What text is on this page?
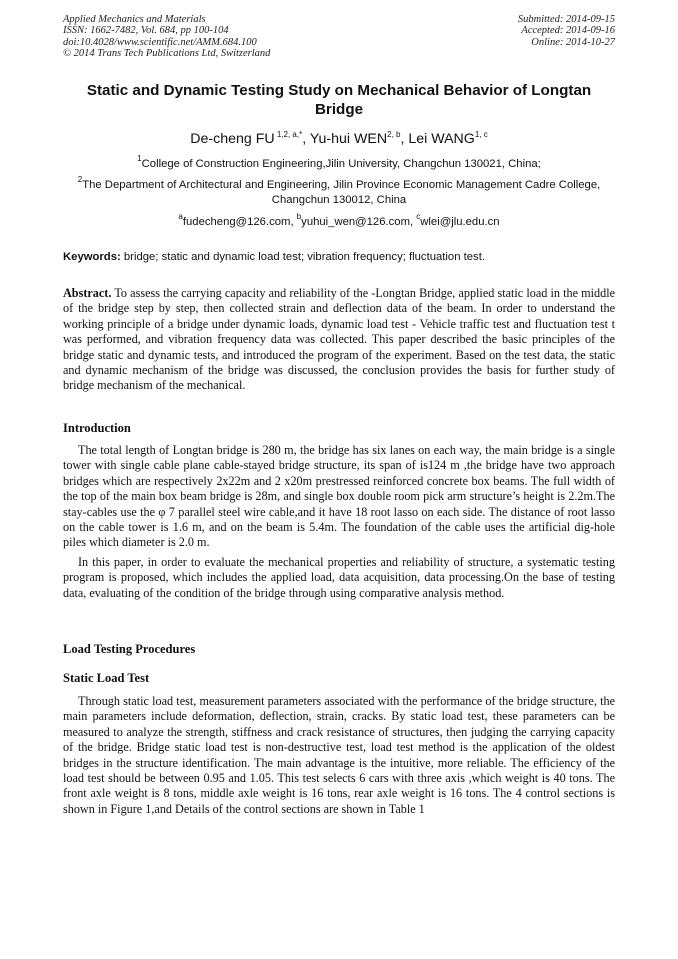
Applied Mechanics and Materials
ISSN: 1662-7482, Vol. 684, pp 100-104
doi:10.4028/www.scientific.net/AMM.684.100
© 2014 Trans Tech Publications Ltd, Switzerland
Submitted: 2014-09-15
Accepted: 2014-09-16
Online: 2014-10-27
Static and Dynamic Testing Study on Mechanical Behavior of Longtan Bridge
De-cheng FU $^{1,2, a,*}$, Yu-hui WEN$^{2, b}$, Lei WANG$^{1, c}$
$^1$College of Construction Engineering,Jilin University, Changchun 130021, China;
$^2$The Department of Architectural and Engineering, Jilin Province Economic Management Cadre College, Changchun 130012, China
$^a$fudecheng@126.com, $^b$yuhui_wen@126.com, $^c$wlei@jlu.edu.cn
Keywords: bridge; static and dynamic load test; vibration frequency; fluctuation test.

Abstract. To assess the carrying capacity and reliability of the -Longtan Bridge, applied static load in the middle of the bridge step by step, then collected strain and deflection data of the beam. In order to understand the working principle of a bridge under dynamic loads, dynamic load test - Vehicle traffic test and fluctuation test t was performed, and vibration frequency data was collected. This paper described the basic principles of the bridge static and dynamic tests, and introduced the program of the experiment. Based on the test data, the static and dynamic mechanism of the bridge was discussed, the conclusion provides the basis for further study of bridge mechanism of the mechanical.

Introduction

The total length of Longtan bridge is 280 m, the bridge has six lanes on each way, the main bridge is a single tower with single cable plane cable-stayed bridge structure, its span of is124 m ,the bridge have two approach bridges which are respectively 2x22m and 2 x20m prestressed reinforced concrete box beams. The full width of the top of the main box beam bridge is 28m, and single box double room pick arm structure’s height is 2.2m.The stay-cables use the φ 7 parallel steel wire cable,and it have 18 root lasso on each side. The distance of root lasso on the cable tower is 1.6 m, and on the beam is 5.4m. The foundation of the cable uses the artificial dig-hole piles which diameter is 2.0 m.

In this paper, in order to evaluate the mechanical properties and reliability of structure, a systematic testing program is proposed, which includes the applied load, data acquisition, data processing.On the base of testing data, evaluating of the condition of the bridge through using comparative analysis method.

Load Testing Procedures
Static Load Test

Through static load test, measurement parameters associated with the performance of the bridge structure, the main parameters include deformation, deflection, strain, cracks. By static load test, these parameters can be measured to analyze the strength, stiffness and crack resistance of structures, then judging the carrying capacity of the bridge. Bridge static load test is non-destructive test, load test method is the application of the oldest bridges in the structure identification. The main advantage is the intuitive, more reliable. The efficiency of the load test should be between 0.95 and 1.05. This test selects 6 cars with three axis ,which weight is 40 tons. The front axle weight is 8 tons, middle axle weight is 16 tons, rear axle weight is 16 tons. The 4 control sections is shown in Figure 1,and Details of the control sections are shown in Table 1
